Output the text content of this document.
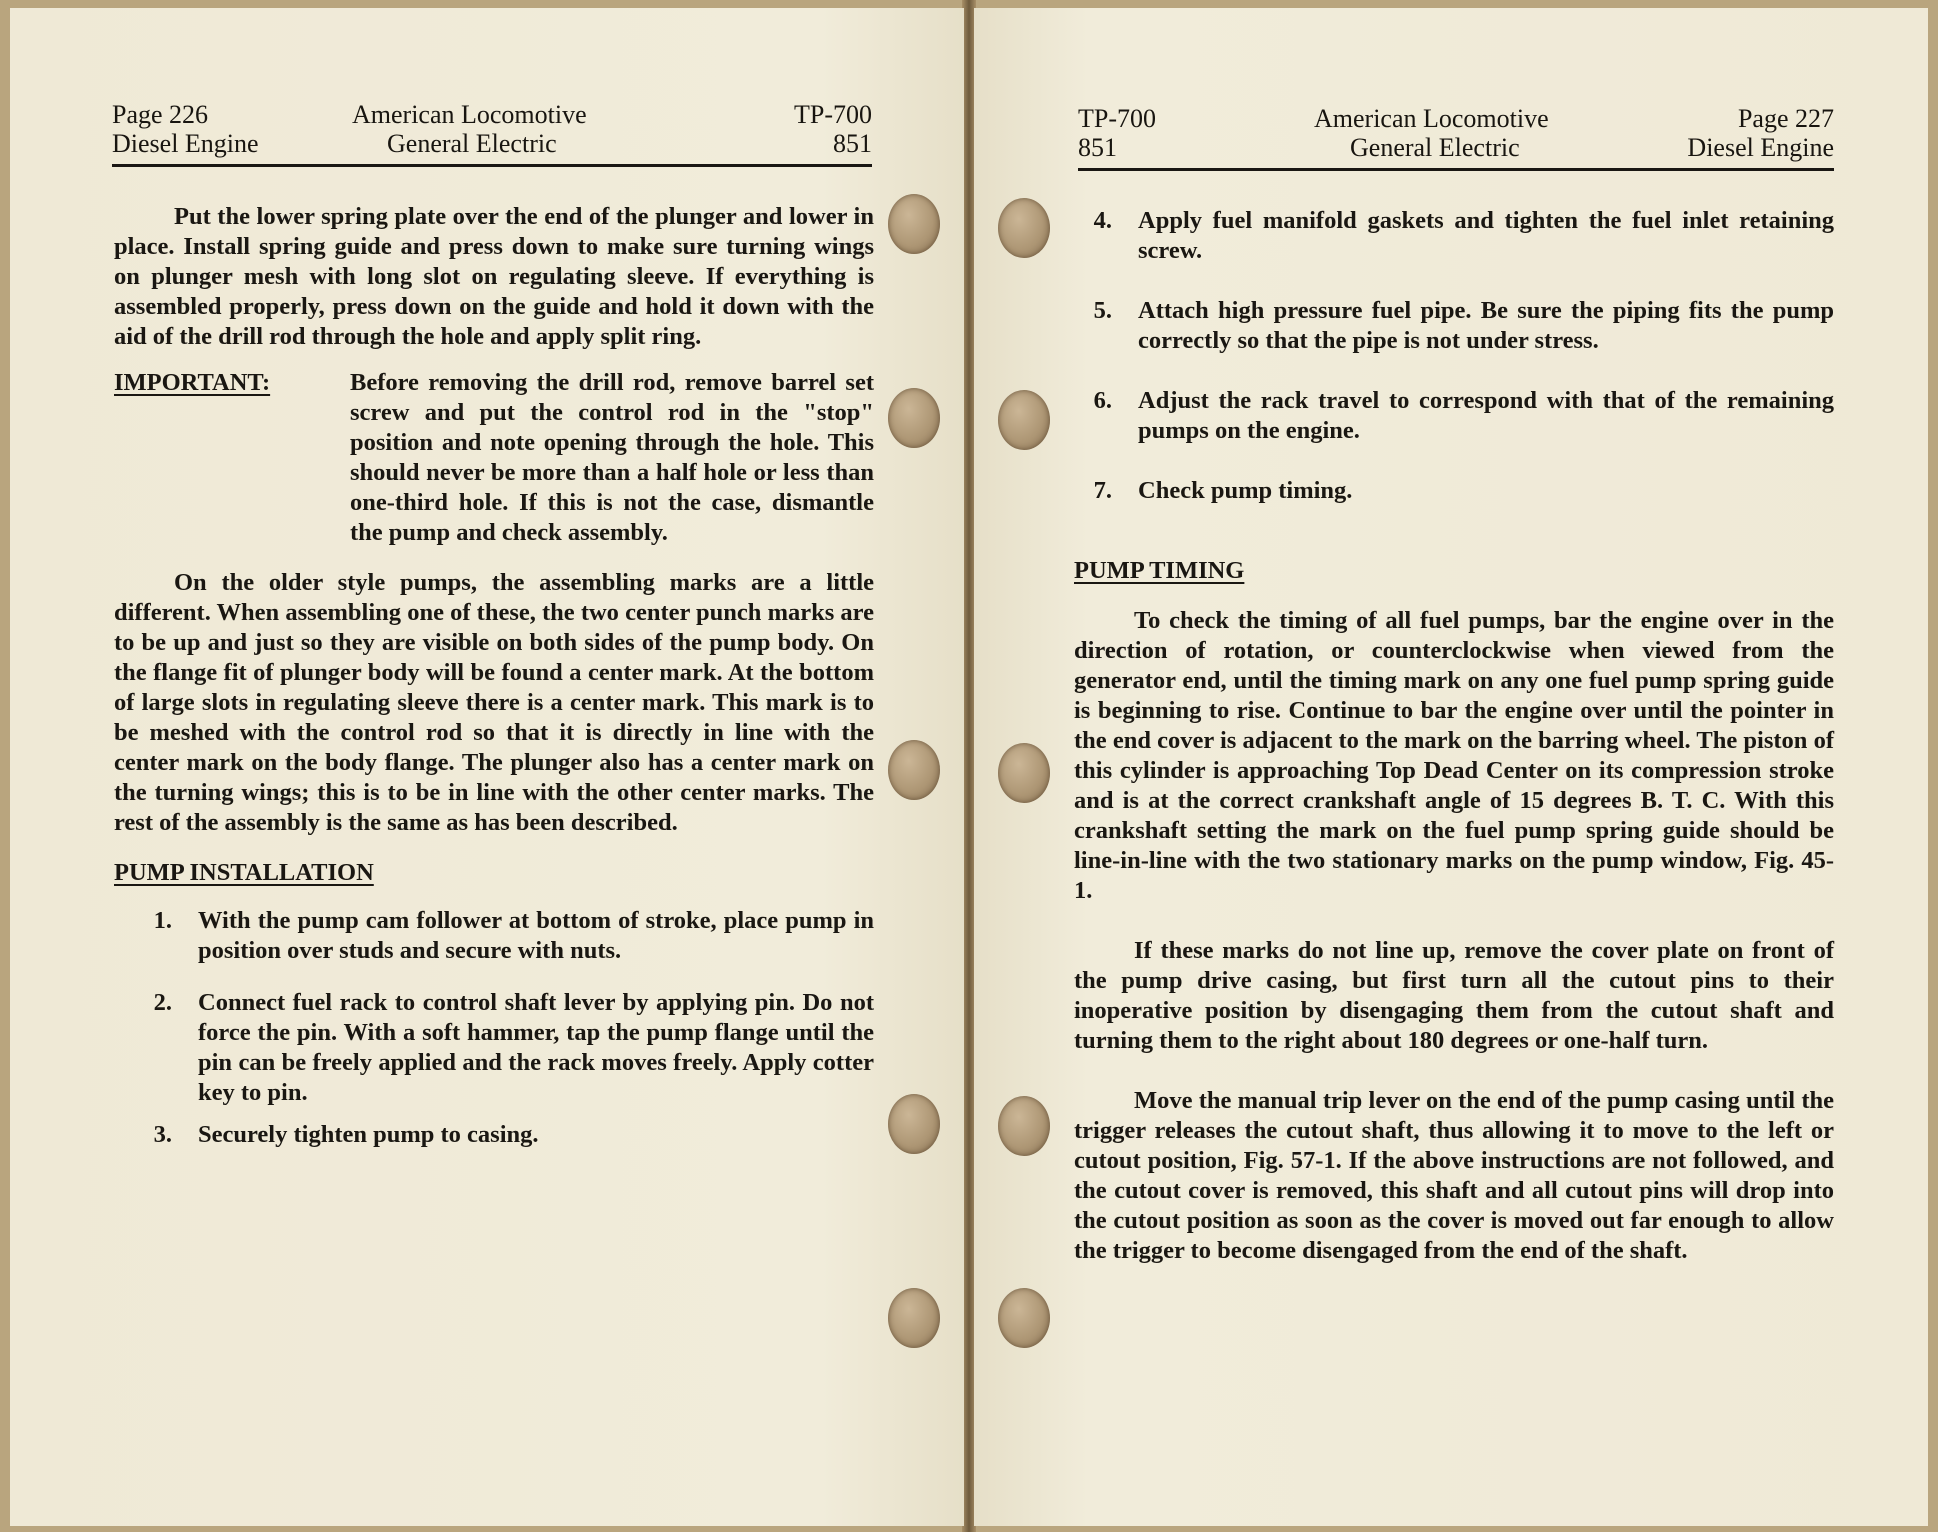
Page 226
Diesel Engine
American Locomotive
General Electric
TP-700
851

Put the lower spring plate over the end of the plunger and lower in place. Install spring guide and press down to make sure turning wings on plunger mesh with long slot on regulating sleeve. If everything is assembled properly, press down on the guide and hold it down with the aid of the drill rod through the hole and apply split ring.

IMPORTANT:	Before removing the drill rod, remove barrel set screw and put the control rod in the "stop" position and note opening through the hole. This should never be more than a half hole or less than one-third hole. If this is not the case, dismantle the pump and check assembly.

On the older style pumps, the assembling marks are a little different. When assembling one of these, the two center punch marks are to be up and just so they are visible on both sides of the pump body. On the flange fit of plunger body will be found a center mark. At the bottom of large slots in regulating sleeve there is a center mark. This mark is to be meshed with the control rod so that it is directly in line with the center mark on the body flange. The plunger also has a center mark on the turning wings; this is to be in line with the other center marks. The rest of the assembly is the same as has been described.

PUMP INSTALLATION

1.	With the pump cam follower at bottom of stroke, place pump in position over studs and secure with nuts.
2.	Connect fuel rack to control shaft lever by applying pin. Do not force the pin. With a soft hammer, tap the pump flange until the pin can be freely applied and the rack moves freely. Apply cotter key to pin.
3.	Securely tighten pump to casing.
TP-700
851
American Locomotive
General Electric
Page 227
Diesel Engine
4.	Apply fuel manifold gaskets and tighten the fuel inlet retaining screw.
5.	Attach high pressure fuel pipe. Be sure the piping fits the pump correctly so that the pipe is not under stress.
6.	Adjust the rack travel to correspond with that of the remaining pumps on the engine.
7.	Check pump timing.

PUMP TIMING

To check the timing of all fuel pumps, bar the engine over in the direction of rotation, or counterclockwise when viewed from the generator end, until the timing mark on any one fuel pump spring guide is beginning to rise. Continue to bar the engine over until the pointer in the end cover is adjacent to the mark on the barring wheel. The piston of this cylinder is approaching Top Dead Center on its compression stroke and is at the correct crankshaft angle of 15 degrees B. T. C. With this crankshaft setting the mark on the fuel pump spring guide should be line-in-line with the two stationary marks on the pump window, Fig. 45-1.

If these marks do not line up, remove the cover plate on front of the pump drive casing, but first turn all the cutout pins to their inoperative position by disengaging them from the cutout shaft and turning them to the right about 180 degrees or one-half turn.

Move the manual trip lever on the end of the pump casing until the trigger releases the cutout shaft, thus allowing it to move to the left or cutout position, Fig. 57-1. If the above instructions are not followed, and the cutout cover is removed, this shaft and all cutout pins will drop into the cutout position as soon as the cover is moved out far enough to allow the trigger to become disengaged from the end of the shaft.
